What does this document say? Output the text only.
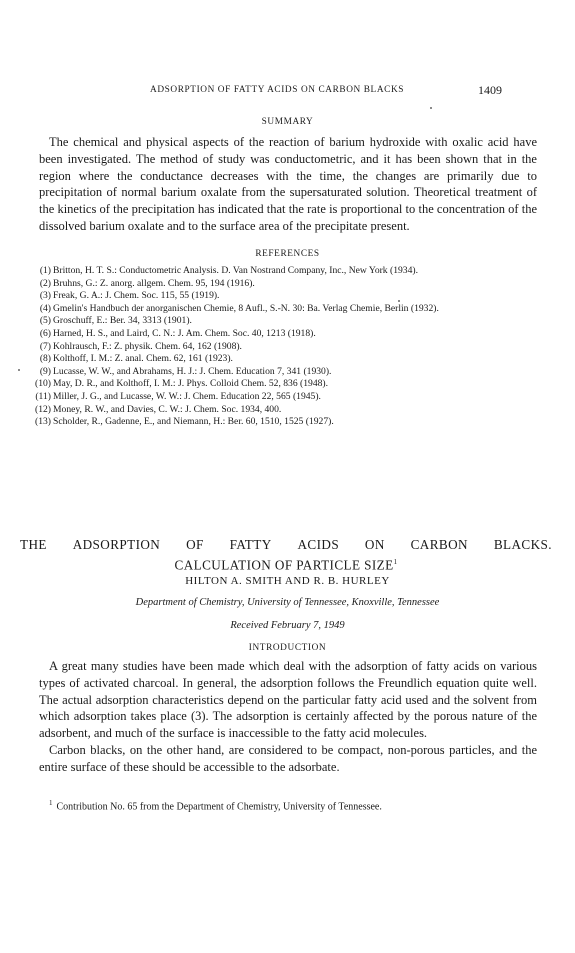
ADSORPTION OF FATTY ACIDS ON CARBON BLACKS	1409
SUMMARY
The chemical and physical aspects of the reaction of barium hydroxide with oxalic acid have been investigated. The method of study was conductometric, and it has been shown that in the region where the conductance decreases with the time, the changes are primarily due to precipitation of normal barium oxalate from the supersaturated solution. Theoretical treatment of the kinetics of the precipitation has indicated that the rate is proportional to the concentration of the dissolved barium oxalate and to the surface area of the precipitate present.
REFERENCES
(1) Britton, H. T. S.: Conductometric Analysis. D. Van Nostrand Company, Inc., New York (1934).
(2) Bruhns, G.: Z. anorg. allgem. Chem. 95, 194 (1916).
(3) Freak, G. A.: J. Chem. Soc. 115, 55 (1919).
(4) Gmelin's Handbuch der anorganischen Chemie, 8 Aufl., S.-N. 30: Ba. Verlag Chemie, Berlin (1932).
(5) Groschuff, E.: Ber. 34, 3313 (1901).
(6) Harned, H. S., and Laird, C. N.: J. Am. Chem. Soc. 40, 1213 (1918).
(7) Kohlrausch, F.: Z. physik. Chem. 64, 162 (1908).
(8) Kolthoff, I. M.: Z. anal. Chem. 62, 161 (1923).
(9) Lucasse, W. W., and Abrahams, H. J.: J. Chem. Education 7, 341 (1930).
(10) May, D. R., and Kolthoff, I. M.: J. Phys. Colloid Chem. 52, 836 (1948).
(11) Miller, J. G., and Lucasse, W. W.: J. Chem. Education 22, 565 (1945).
(12) Money, R. W., and Davies, C. W.: J. Chem. Soc. 1934, 400.
(13) Scholder, R., Gadenne, E., and Niemann, H.: Ber. 60, 1510, 1525 (1927).
THE ADSORPTION OF FATTY ACIDS ON CARBON BLACKS.
CALCULATION OF PARTICLE SIZE$^1$
HILTON A. SMITH AND R. B. HURLEY
Department of Chemistry, University of Tennessee, Knoxville, Tennessee
Received February 7, 1949
INTRODUCTION

A great many studies have been made which deal with the adsorption of fatty acids on various types of activated charcoal. In general, the adsorption follows the Freundlich equation quite well. The actual adsorption characteristics depend on the particular fatty acid used and the solvent from which adsorption takes place (3). The adsorption is certainly affected by the porous nature of the adsorbent, and much of the surface is inaccessible to the fatty acid molecules.

Carbon blacks, on the other hand, are considered to be compact, non-porous particles, and the entire surface of these should be accessible to the adsorbate.

$^1$ Contribution No. 65 from the Department of Chemistry, University of Tennessee.
